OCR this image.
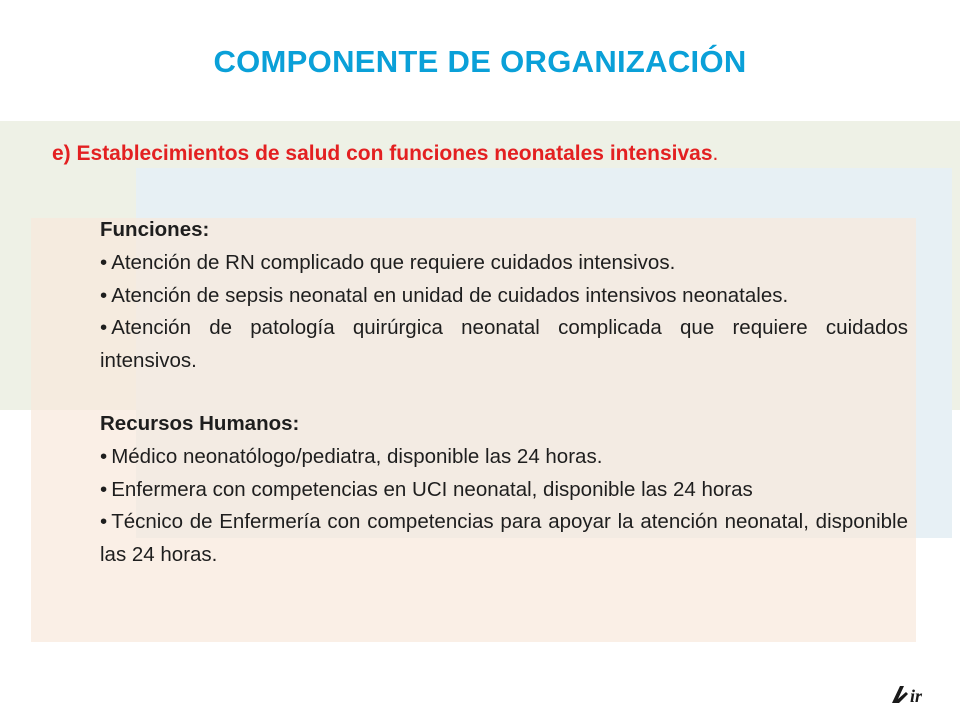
COMPONENTE DE ORGANIZACIÓN
e) Establecimientos de salud con funciones neonatales intensivas.

Funciones:

• Atención de RN complicado que requiere cuidados intensivos.

• Atención de sepsis neonatal en unidad de cuidados intensivos neonatales.

• Atención de patología quirúrgica neonatal complicada que requiere cuidados intensivos.

Recursos Humanos:

• Médico neonatólogo/pediatra, disponible las 24 horas.

• Enfermera con competencias en UCI neonatal, disponible las 24 horas

• Técnico de Enfermería con competencias para apoyar la atención neonatal, disponible las 24 horas.

ir
